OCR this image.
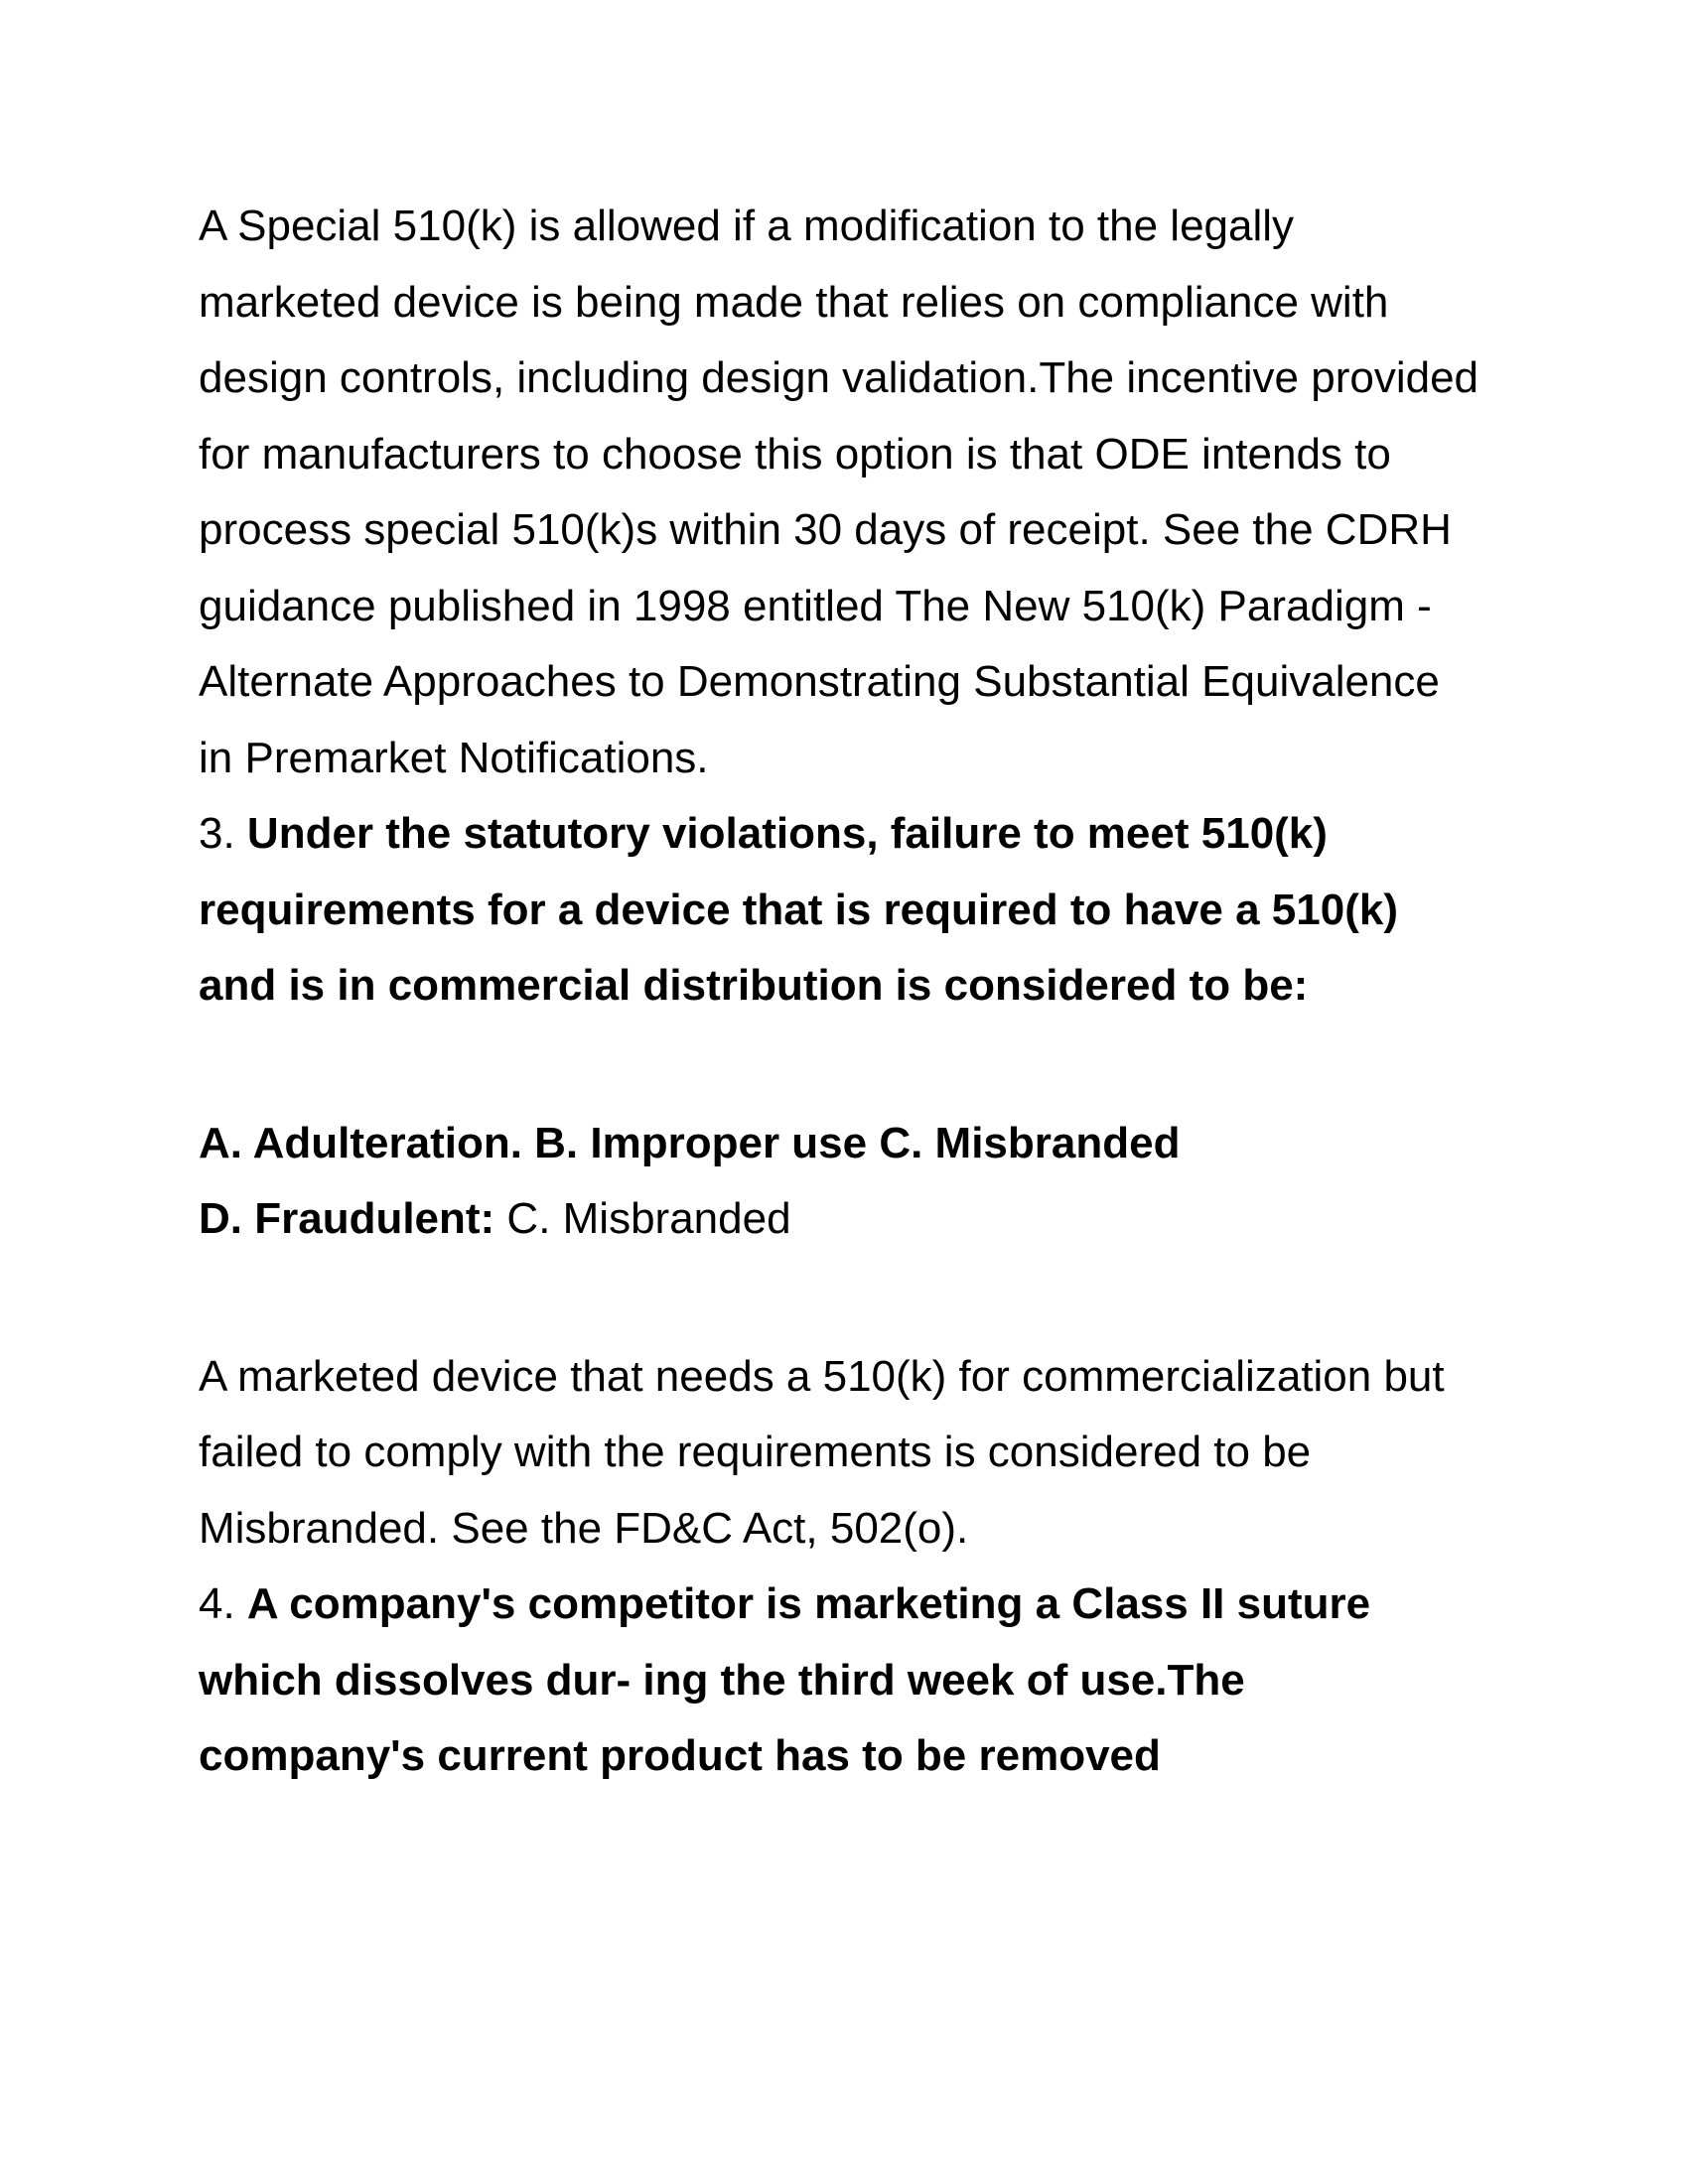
A Special 510(k) is allowed if a modification to the legally
marketed device is being made that relies on compliance with
design controls, including design validation.The incentive provided
for manufacturers to choose this option is that ODE intends to
process special 510(k)s within 30 days of receipt. See the CDRH
guidance published in 1998 entitled The New 510(k) Paradigm -
Alternate Approaches to Demonstrating Substantial Equivalence
in Premarket Notifications.
3. Under the statutory violations, failure to meet 510(k)
requirements for a device that is required to have a 510(k)
and is in commercial distribution is considered to be:
A. Adulteration. B. Improper use C. Misbranded
D. Fraudulent: C. Misbranded
A marketed device that needs a 510(k) for commercialization but
failed to comply with the requirements is considered to be
Misbranded. See the FD&C Act, 502(o).
4. A company's competitor is marketing a Class II suture
which dissolves dur- ing the third week of use.The
company's current product has to be removed
